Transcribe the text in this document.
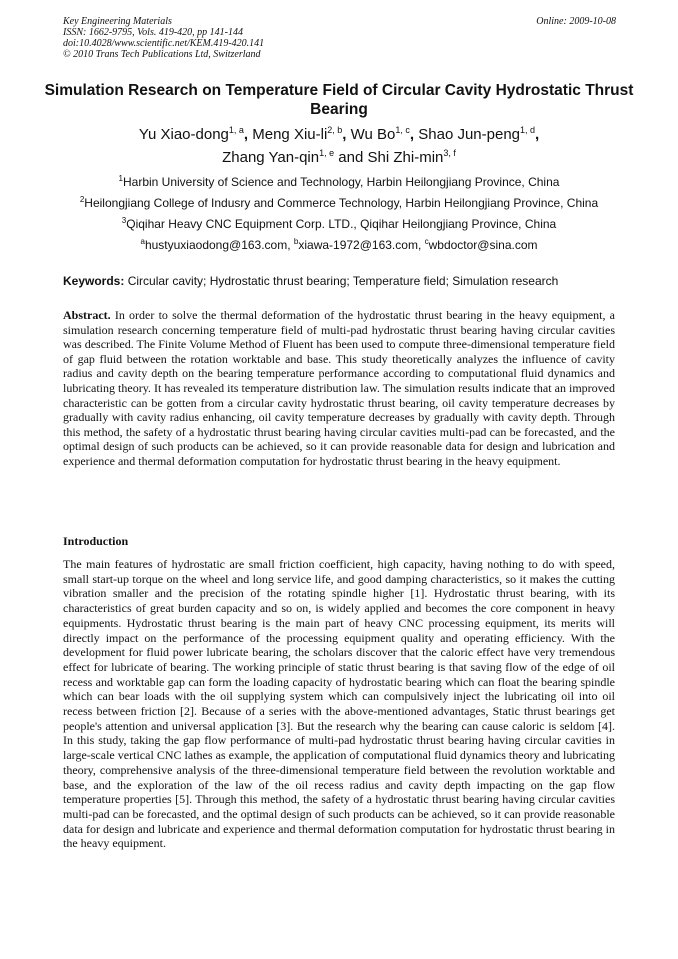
Key Engineering Materials
ISSN: 1662-9795, Vols. 419-420, pp 141-144
doi:10.4028/www.scientific.net/KEM.419-420.141
© 2010 Trans Tech Publications Ltd, Switzerland
Online: 2009-10-08
Simulation Research on Temperature Field of Circular Cavity Hydrostatic Thrust Bearing
Yu Xiao-dong$^{1, a}$, Meng Xiu-li$^{2, b}$, Wu Bo$^{1, c}$, Shao Jun-peng$^{1, d}$,
Zhang Yan-qin$^{1, e}$ and Shi Zhi-$\min^{3, f}$
$^1$Harbin University of Science and Technology, Harbin Heilongjiang Province, China
$^2$Heilongjiang College of Indusry and Commerce Technology, Harbin Heilongjiang Province, China
$^3$Qiqihar Heavy CNC Equipment Corp. LTD., Qiqihar Heilongjiang Province, China
$^a$hustyuxiaodong@163.com, $^b$xiawa-1972@163.com, $^c$wbdoctor@sina.com
Keywords: Circular cavity; Hydrostatic thrust bearing; Temperature field; Simulation research
Abstract. In order to solve the thermal deformation of the hydrostatic thrust bearing in the heavy equipment, a simulation research concerning temperature field of multi-pad hydrostatic thrust bearing having circular cavities was described. The Finite Volume Method of Fluent has been used to compute three-dimensional temperature field of gap fluid between the rotation worktable and base. This study theoretically analyzes the influence of cavity radius and cavity depth on the bearing temperature performance according to computational fluid dynamics and lubricating theory. It has revealed its temperature distribution law. The simulation results indicate that an improved characteristic can be gotten from a circular cavity hydrostatic thrust bearing, oil cavity temperature decreases by gradually with cavity radius enhancing, oil cavity temperature decreases by gradually with cavity depth. Through this method, the safety of a hydrostatic thrust bearing having circular cavities multi-pad can be forecasted, and the optimal design of such products can be achieved, so it can provide reasonable data for design and lubrication and experience and thermal deformation computation for hydrostatic thrust bearing in the heavy equipment.
Introduction
The main features of hydrostatic are small friction coefficient, high capacity, having nothing to do with speed, small start-up torque on the wheel and long service life, and good damping characteristics, so it makes the cutting vibration smaller and the precision of the rotating spindle higher [1]. Hydrostatic thrust bearing, with its characteristics of great burden capacity and so on, is widely applied and becomes the core component in heavy equipments. Hydrostatic thrust bearing is the main part of heavy CNC processing equipment, its merits will directly impact on the performance of the processing equipment quality and operating efficiency. With the development for fluid power lubricate bearing, the scholars discover that the caloric effect have very tremendous effect for lubricate of bearing. The working principle of static thrust bearing is that saving flow of the edge of oil recess and worktable gap can form the loading capacity of hydrostatic bearing which can float the bearing spindle which can bear loads with the oil supplying system which can compulsively inject the lubricating oil into oil recess between friction [2]. Because of a series with the above-mentioned advantages, Static thrust bearings get people's attention and universal application [3]. But the research why the bearing can cause caloric is seldom [4]. In this study, taking the gap flow performance of multi-pad hydrostatic thrust bearing having circular cavities in large-scale vertical CNC lathes as example, the application of computational fluid dynamics theory and lubricating theory, comprehensive analysis of the three-dimensional temperature field between the revolution worktable and base, and the exploration of the law of the oil recess radius and cavity depth impacting on the gap flow temperature properties [5]. Through this method, the safety of a hydrostatic thrust bearing having circular cavities multi-pad can be forecasted, and the optimal design of such products can be achieved, so it can provide reasonable data for design and lubricate and experience and thermal deformation computation for hydrostatic thrust bearing in the heavy equipment.
